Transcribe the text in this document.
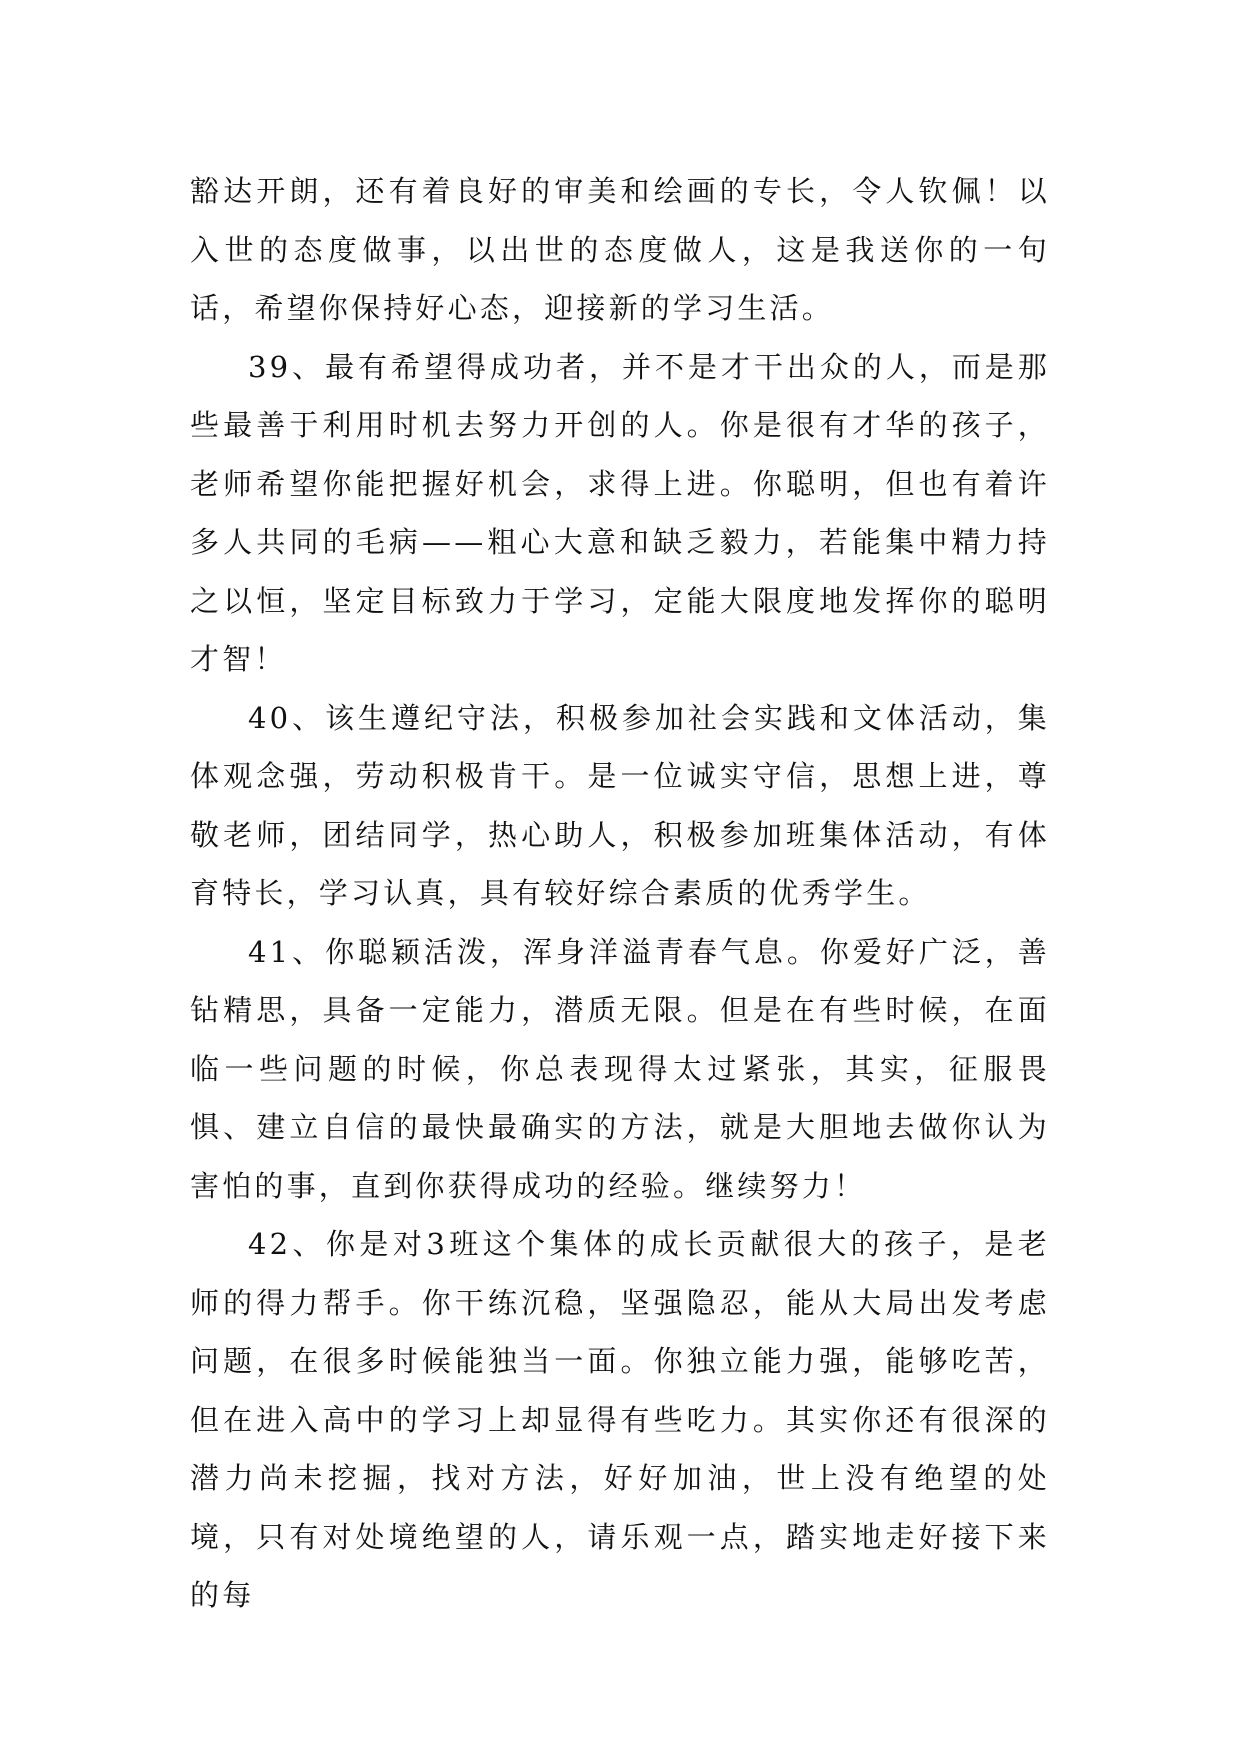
豁达开朗，还有着良好的审美和绘画的专长，令人钦佩！以入世的态度做事，以出世的态度做人，这是我送你的一句话，希望你保持好心态，迎接新的学习生活。

39、最有希望得成功者，并不是才干出众的人，而是那些最善于利用时机去努力开创的人。你是很有才华的孩子，老师希望你能把握好机会，求得上进。你聪明，但也有着许多人共同的毛病——粗心大意和缺乏毅力，若能集中精力持之以恒，坚定目标致力于学习，定能大限度地发挥你的聪明才智！

40、该生遵纪守法，积极参加社会实践和文体活动，集体观念强，劳动积极肯干。是一位诚实守信，思想上进，尊敬老师，团结同学，热心助人，积极参加班集体活动，有体育特长，学习认真，具有较好综合素质的优秀学生。

41、你聪颖活泼，浑身洋溢青春气息。你爱好广泛，善钻精思，具备一定能力，潜质无限。但是在有些时候，在面临一些问题的时候，你总表现得太过紧张，其实，征服畏惧、建立自信的最快最确实的方法，就是大胆地去做你认为害怕的事，直到你获得成功的经验。继续努力！

42、你是对3班这个集体的成长贡献很大的孩子，是老师的得力帮手。你干练沉稳，坚强隐忍，能从大局出发考虑问题，在很多时候能独当一面。你独立能力强，能够吃苦，但在进入高中的学习上却显得有些吃力。其实你还有很深的潜力尚未挖掘，找对方法，好好加油，世上没有绝望的处境，只有对处境绝望的人，请乐观一点，踏实地走好接下来的每
